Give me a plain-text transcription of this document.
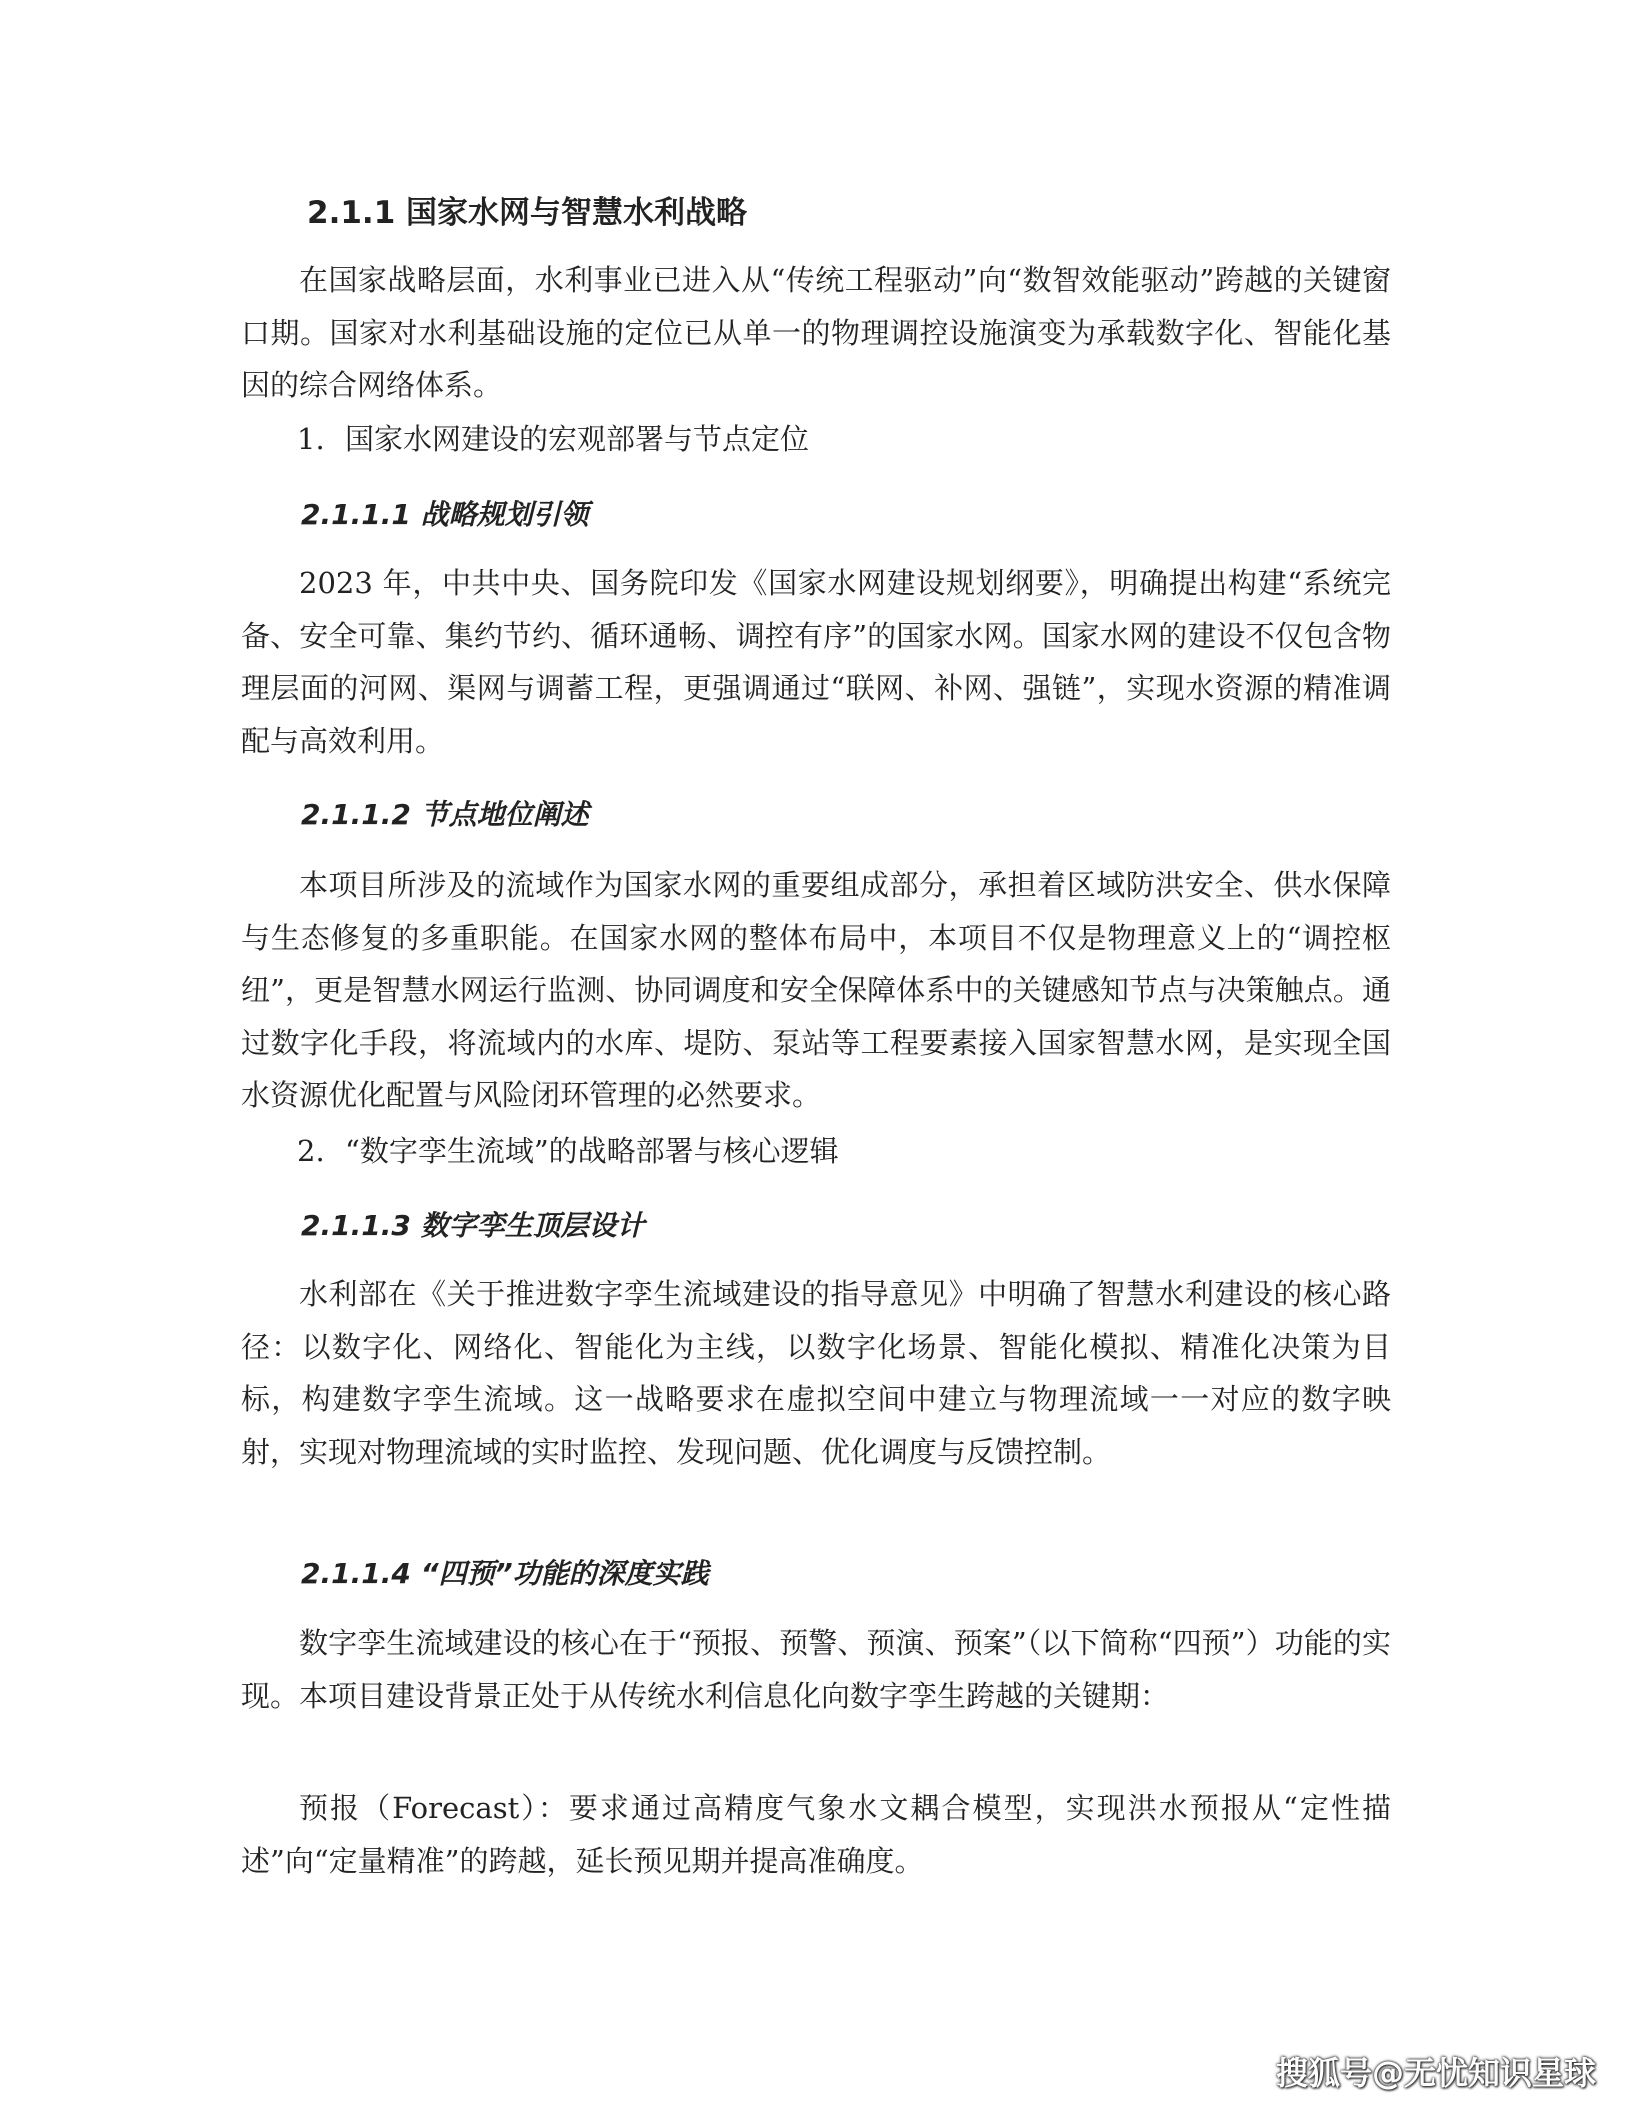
2.1.1 国家水网与智慧水利战略

在国家战略层面，水利事业已进入从“传统工程驱动”向“数智效能驱动”跨越的关键窗口期。国家对水利基础设施的定位已从单一的物理调控设施演变为承载数字化、智能化基因的综合网络体系。

1. 国家水网建设的宏观部署与节点定位
2.1.1.1 战略规划引领

2023 年，中共中央、国务院印发《国家水网建设规划纲要》，明确提出构建“系统完备、安全可靠、集约节约、循环通畅、调控有序”的国家水网。国家水网的建设不仅包含物理层面的河网、渠网与调蓄工程，更强调通过“联网、补网、强链”，实现水资源的精准调配与高效利用。

2.1.1.2 节点地位阐述

本项目所涉及的流域作为国家水网的重要组成部分，承担着区域防洪安全、供水保障与生态修复的多重职能。在国家水网的整体布局中，本项目不仅是物理意义上的“调控枢纽”，更是智慧水网运行监测、协同调度和安全保障体系中的关键感知节点与决策触点。通过数字化手段，将流域内的水库、堤防、泵站等工程要素接入国家智慧水网，是实现全国水资源优化配置与风险闭环管理的必然要求。

2. “数字孪生流域”的战略部署与核心逻辑
2.1.1.3 数字孪生顶层设计

水利部在《关于推进数字孪生流域建设的指导意见》中明确了智慧水利建设的核心路径：以数字化、网络化、智能化为主线，以数字化场景、智能化模拟、精准化决策为目标，构建数字孪生流域。这一战略要求在虚拟空间中建立与物理流域一一对应的数字映射，实现对物理流域的实时监控、发现问题、优化调度与反馈控制。

2.1.1.4 “四预”功能的深度实践

数字孪生流域建设的核心在于“预报、预警、预演、预案”（以下简称“四预”）功能的实现。本项目建设背景正处于从传统水利信息化向数字孪生跨越的关键期：

预报（Forecast）：要求通过高精度气象水文耦合模型，实现洪水预报从“定性描述”向“定量精准”的跨越，延长预见期并提高准确度。

搜狐号@无忧知识星球
